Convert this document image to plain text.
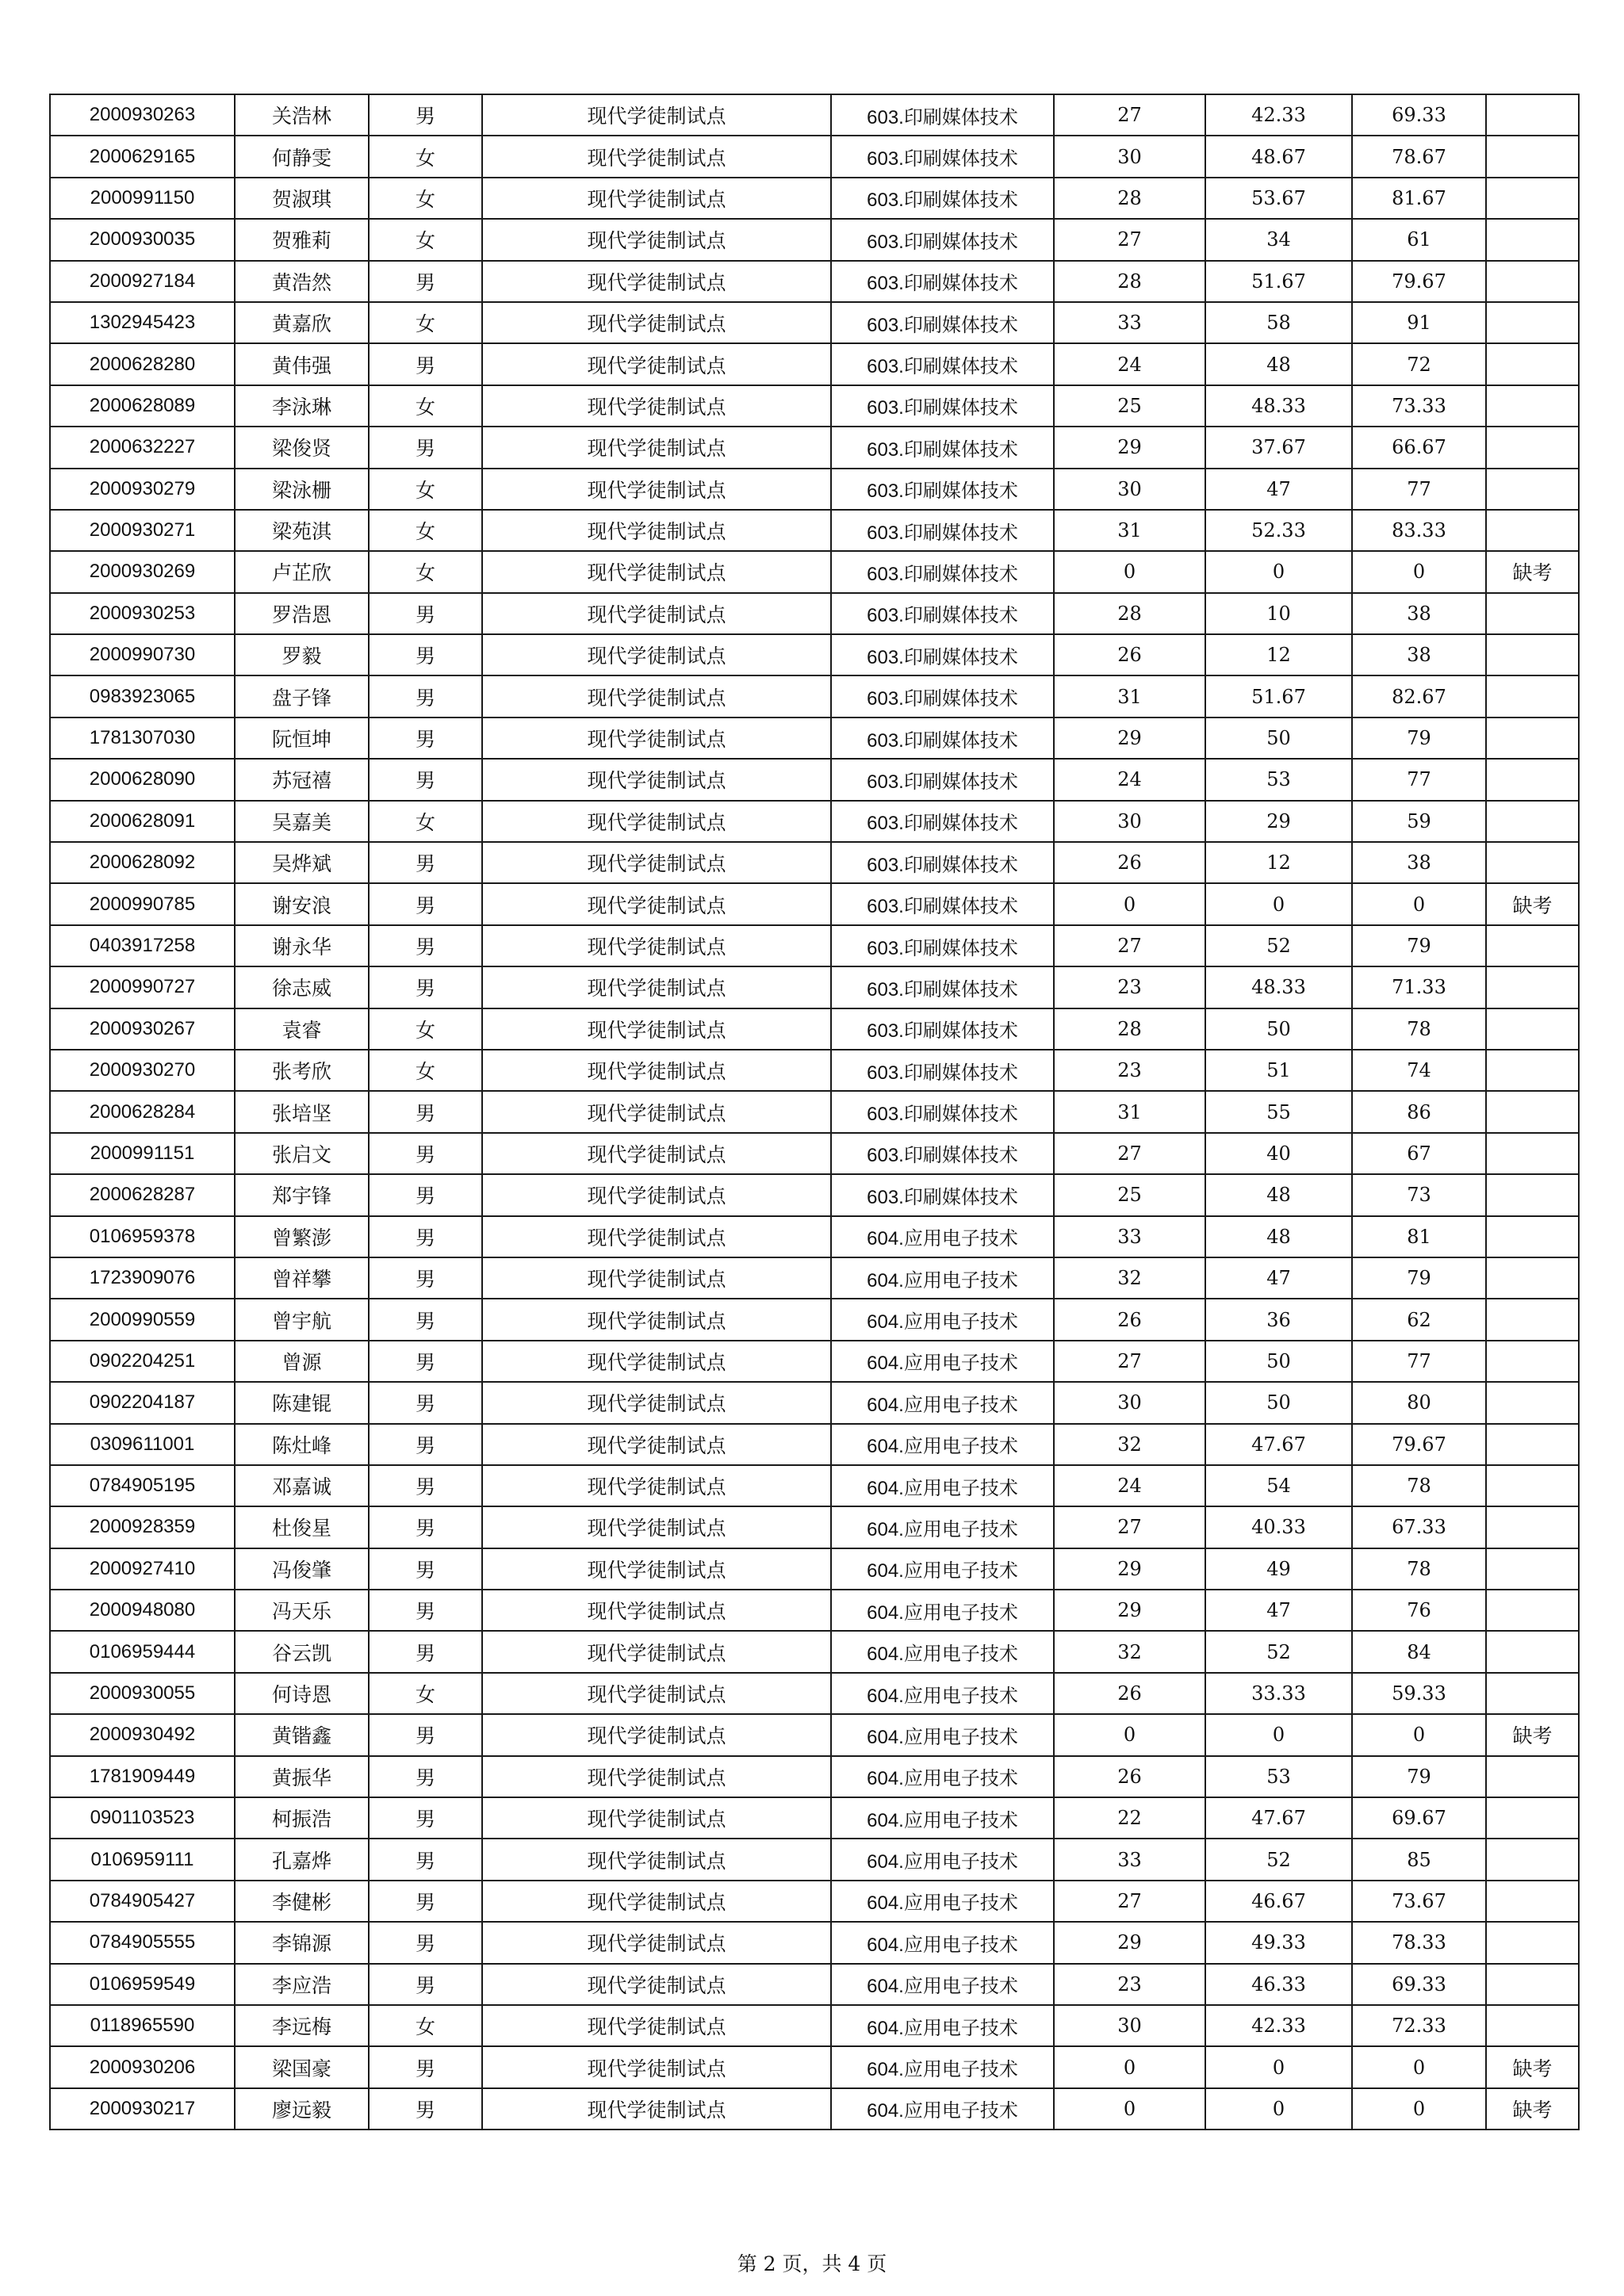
2000930263	关浩林	男	现代学徒制试点	603.印刷媒体技术	27	42.33	69.33	
2000629165	何静雯	女	现代学徒制试点	603.印刷媒体技术	30	48.67	78.67	
2000991150	贺淑琪	女	现代学徒制试点	603.印刷媒体技术	28	53.67	81.67	
2000930035	贺雅莉	女	现代学徒制试点	603.印刷媒体技术	27	34	61	
2000927184	黄浩然	男	现代学徒制试点	603.印刷媒体技术	28	51.67	79.67	
1302945423	黄嘉欣	女	现代学徒制试点	603.印刷媒体技术	33	58	91	
2000628280	黄伟强	男	现代学徒制试点	603.印刷媒体技术	24	48	72	
2000628089	李泳琳	女	现代学徒制试点	603.印刷媒体技术	25	48.33	73.33	
2000632227	梁俊贤	男	现代学徒制试点	603.印刷媒体技术	29	37.67	66.67	
2000930279	梁泳栅	女	现代学徒制试点	603.印刷媒体技术	30	47	77	
2000930271	梁苑淇	女	现代学徒制试点	603.印刷媒体技术	31	52.33	83.33	
2000930269	卢芷欣	女	现代学徒制试点	603.印刷媒体技术	0	0	0	缺考
2000930253	罗浩恩	男	现代学徒制试点	603.印刷媒体技术	28	10	38	
2000990730	罗毅	男	现代学徒制试点	603.印刷媒体技术	26	12	38	
0983923065	盘子锋	男	现代学徒制试点	603.印刷媒体技术	31	51.67	82.67	
1781307030	阮恒坤	男	现代学徒制试点	603.印刷媒体技术	29	50	79	
2000628090	苏冠禧	男	现代学徒制试点	603.印刷媒体技术	24	53	77	
2000628091	吴嘉美	女	现代学徒制试点	603.印刷媒体技术	30	29	59	
2000628092	吴烨斌	男	现代学徒制试点	603.印刷媒体技术	26	12	38	
2000990785	谢安浪	男	现代学徒制试点	603.印刷媒体技术	0	0	0	缺考
0403917258	谢永华	男	现代学徒制试点	603.印刷媒体技术	27	52	79	
2000990727	徐志威	男	现代学徒制试点	603.印刷媒体技术	23	48.33	71.33	
2000930267	袁睿	女	现代学徒制试点	603.印刷媒体技术	28	50	78	
2000930270	张考欣	女	现代学徒制试点	603.印刷媒体技术	23	51	74	
2000628284	张培坚	男	现代学徒制试点	603.印刷媒体技术	31	55	86	
2000991151	张启文	男	现代学徒制试点	603.印刷媒体技术	27	40	67	
2000628287	郑宇锋	男	现代学徒制试点	603.印刷媒体技术	25	48	73	
0106959378	曾繁澎	男	现代学徒制试点	604.应用电子技术	33	48	81	
1723909076	曾祥攀	男	现代学徒制试点	604.应用电子技术	32	47	79	
2000990559	曾宇航	男	现代学徒制试点	604.应用电子技术	26	36	62	
0902204251	曾源	男	现代学徒制试点	604.应用电子技术	27	50	77	
0902204187	陈建锟	男	现代学徒制试点	604.应用电子技术	30	50	80	
0309611001	陈灶峰	男	现代学徒制试点	604.应用电子技术	32	47.67	79.67	
0784905195	邓嘉诚	男	现代学徒制试点	604.应用电子技术	24	54	78	
2000928359	杜俊星	男	现代学徒制试点	604.应用电子技术	27	40.33	67.33	
2000927410	冯俊肇	男	现代学徒制试点	604.应用电子技术	29	49	78	
2000948080	冯天乐	男	现代学徒制试点	604.应用电子技术	29	47	76	
0106959444	谷云凯	男	现代学徒制试点	604.应用电子技术	32	52	84	
2000930055	何诗恩	女	现代学徒制试点	604.应用电子技术	26	33.33	59.33	
2000930492	黄锴鑫	男	现代学徒制试点	604.应用电子技术	0	0	0	缺考
1781909449	黄振华	男	现代学徒制试点	604.应用电子技术	26	53	79	
0901103523	柯振浩	男	现代学徒制试点	604.应用电子技术	22	47.67	69.67	
0106959111	孔嘉烨	男	现代学徒制试点	604.应用电子技术	33	52	85	
0784905427	李健彬	男	现代学徒制试点	604.应用电子技术	27	46.67	73.67	
0784905555	李锦源	男	现代学徒制试点	604.应用电子技术	29	49.33	78.33	
0106959549	李应浩	男	现代学徒制试点	604.应用电子技术	23	46.33	69.33	
0118965590	李远梅	女	现代学徒制试点	604.应用电子技术	30	42.33	72.33	
2000930206	梁国豪	男	现代学徒制试点	604.应用电子技术	0	0	0	缺考
2000930217	廖远毅	男	现代学徒制试点	604.应用电子技术	0	0	0	缺考
第 2 页，共 4 页
